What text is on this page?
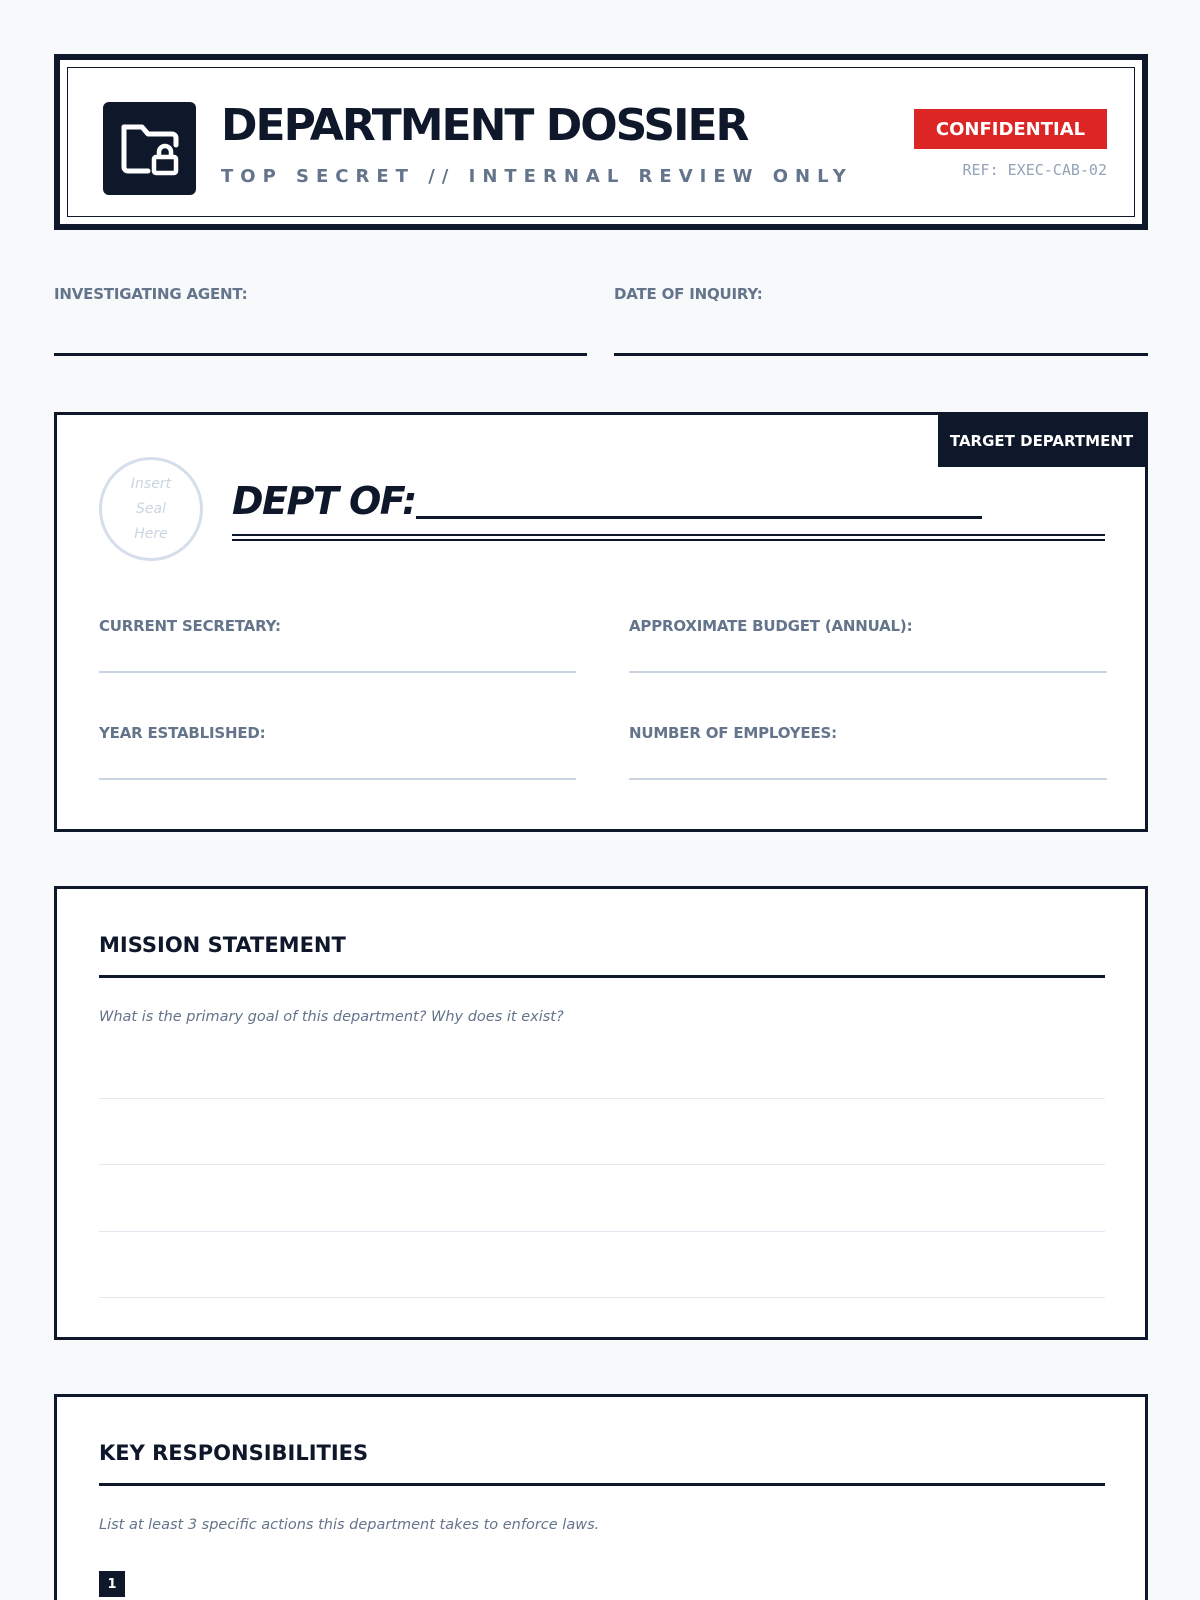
DEPARTMENT DOSSIER
TOP SECRET // INTERNAL REVIEW ONLY
CONFIDENTIAL
REF: EXEC-CAB-02
INVESTIGATING AGENT:	DATE OF INQUIRY:
TARGET DEPARTMENT
Insert
Seal
Here
DEPT OF:
CURRENT SECRETARY:	APPROXIMATE BUDGET (ANNUAL):
YEAR ESTABLISHED:	NUMBER OF EMPLOYEES:
MISSION STATEMENT
What is the primary goal of this department? Why does it exist?
KEY RESPONSIBILITIES
List at least 3 specific actions this department takes to enforce laws.
1
